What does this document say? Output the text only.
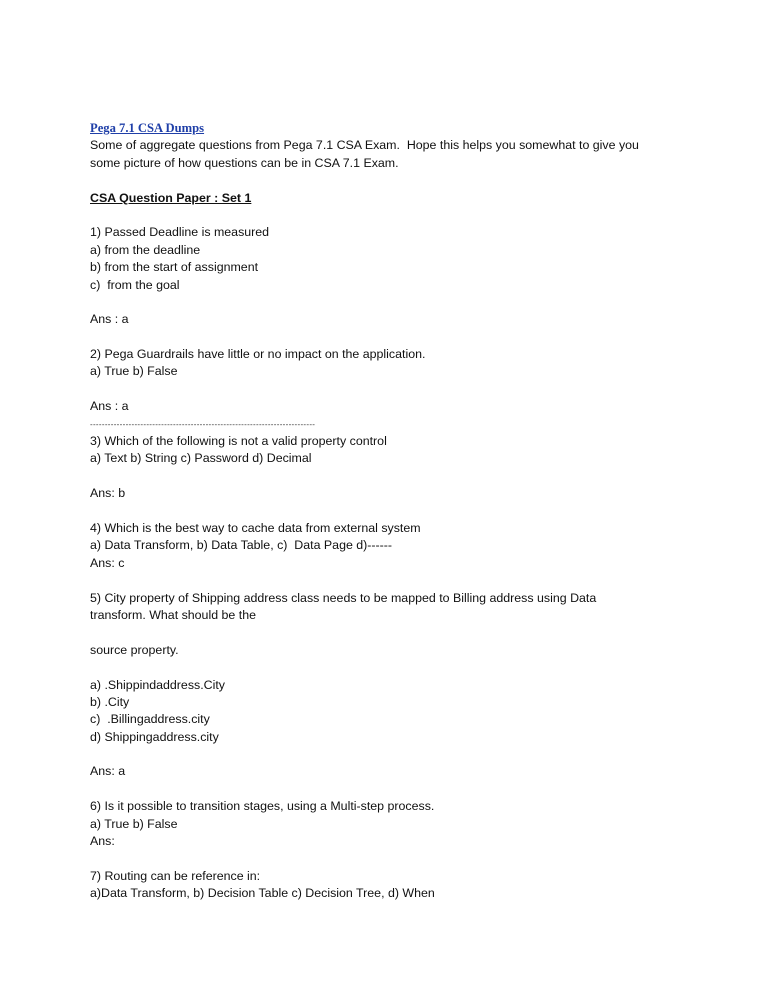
Pega 7.1 CSA Dumps
Some of aggregate questions from Pega 7.1 CSA Exam.  Hope this helps you somewhat to give you
some picture of how questions can be in CSA 7.1 Exam.
CSA Question Paper : Set 1
1) Passed Deadline is measured
a) from the deadline
b) from the start of assignment
c)  from the goal
Ans : a
2) Pega Guardrails have little or no impact on the application.
a) True b) False
Ans : a
----------------------------------------------------------------------------
3) Which of the following is not a valid property control
a) Text b) String c) Password d) Decimal
Ans: b
4) Which is the best way to cache data from external system
a) Data Transform, b) Data Table, c)  Data Page d)------
Ans: c
5) City property of Shipping address class needs to be mapped to Billing address using Data
transform. What should be the
source property.
a) .Shippindaddress.City
b) .City
c)  .Billingaddress.city
d) Shippingaddress.city
Ans: a
6) Is it possible to transition stages, using a Multi-step process.
a) True b) False
Ans:
7) Routing can be reference in:
a)Data Transform, b) Decision Table c) Decision Tree, d) When
